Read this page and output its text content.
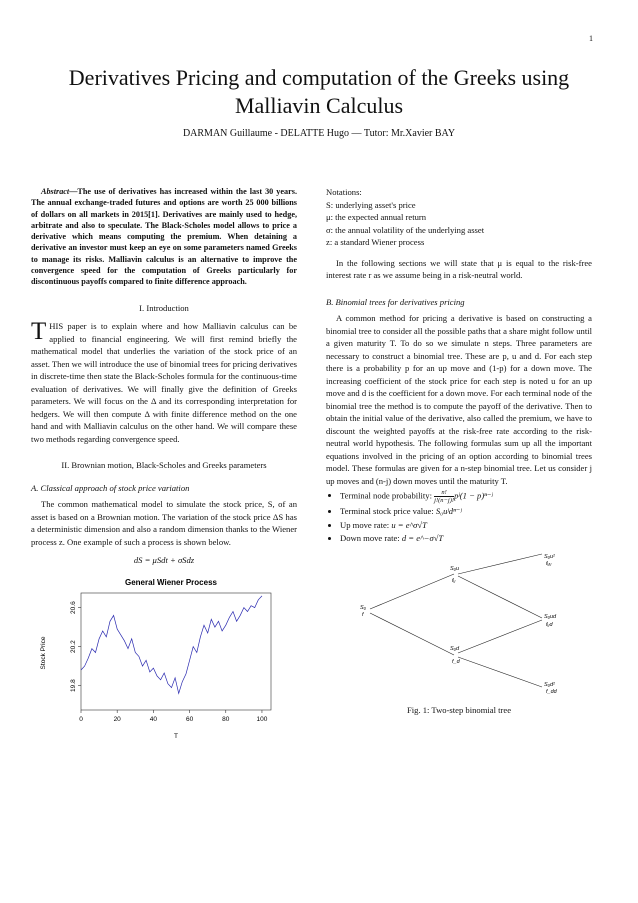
1
Derivatives Pricing and computation of the Greeks using Malliavin Calculus
DARMAN Guillaume - DELATTE Hugo — Tutor: Mr.Xavier BAY

Abstract—The use of derivatives has increased within the last 30 years. The annual exchange-traded futures and options are worth 25 000 billions of dollars on all markets in 2015[1]. Derivatives are mainly used to hedge, arbitrate and also to speculate. The Black-Scholes model allows to price a derivative which means computing the premium. When detaining a derivative an investor must keep an eye on some parameters named Greeks to manage its risks. Malliavin calculus is an alternative to improve the convergence speed for the computation of Greeks particularly for discontinuous payoffs compared to finite difference approach.

I. Introduction

THIS paper is to explain where and how Malliavin calculus can be applied to financial engineering. We will first remind briefly the mathematical model that underlies the variation of the stock price of an asset. Then we will introduce the use of binomial trees for pricing derivatives in discrete-time then state the Black-Scholes formula for the continuous-time evaluation of derivatives. We will finally give the definition of Greeks parameters. We will focus on the Δ and its corresponding interpretation for hedgers. We will then compute Δ with finite difference method on the one hand and with Malliavin calculus on the other hand. We will compare these two methods regarding convergence speed.

II. Brownian motion, Black-Scholes and Greeks parameters
A. Classical approach of stock price variation

The common mathematical model to simulate the stock price, S, of an asset is based on a Brownian motion. The variation of the stock price ΔS has a deterministic dimension and also a random dimension thanks to the Wiener process z. One example of such a process is shown below.

dS = μSdt + σSdz
General Wiener Process
Stock Price
T
0	20	40	60	80	100
19.8
20.2
20.6

Notations:

S: underlying asset's price

μ: the expected annual return

σ: the annual volatility of the underlying asset

z: a standard Wiener process

In the following sections we will state that μ is equal to the risk-free interest rate r as we assume being in a risk-neutral world.

B. Binomial trees for derivatives pricing

A common method for pricing a derivative is based on constructing a binomial tree to consider all the possible paths that a share might follow until a given maturity T. To do so we simulate n steps. Three parameters are necessary to construct a binomial tree. These are p, u and d. For each step there is a probability p for an up move and (1-p) for a down move. The increasing coefficient of the stock price for each step is noted u for an up move and d is the coefficient for a down move. For each terminal node of the binomial tree the method is to compute the payoff of the derivative. Then to obtain the initial value of the derivative, also called the premium, we have to discount the weighted payoffs at the risk-free rate according to the risk-neutral world hypothesis. The following formulas sum up all the important equations involved in the pricing of an option according to binomial trees model. These formulas are given for a n-step binomial tree. Let us consider j up moves and (n-j) down moves until the maturity T.

• Terminal node probability: $\frac{n!}{j!(n-j)!}$ pʲ(1 − p)ⁿ⁻ʲ
• Terminal stock price value: S₀uʲdⁿ⁻ʲ
• Up move rate: u = e^σ√T
• Down move rate: d = e^−σ√T
S₀
f
S₀u
fᵤ
S₀d
f_d
S₀u²
fᵤᵤ
S₀ud
fᵤd
S₀d²
f_dd
Fig. 1: Two-step binomial tree
